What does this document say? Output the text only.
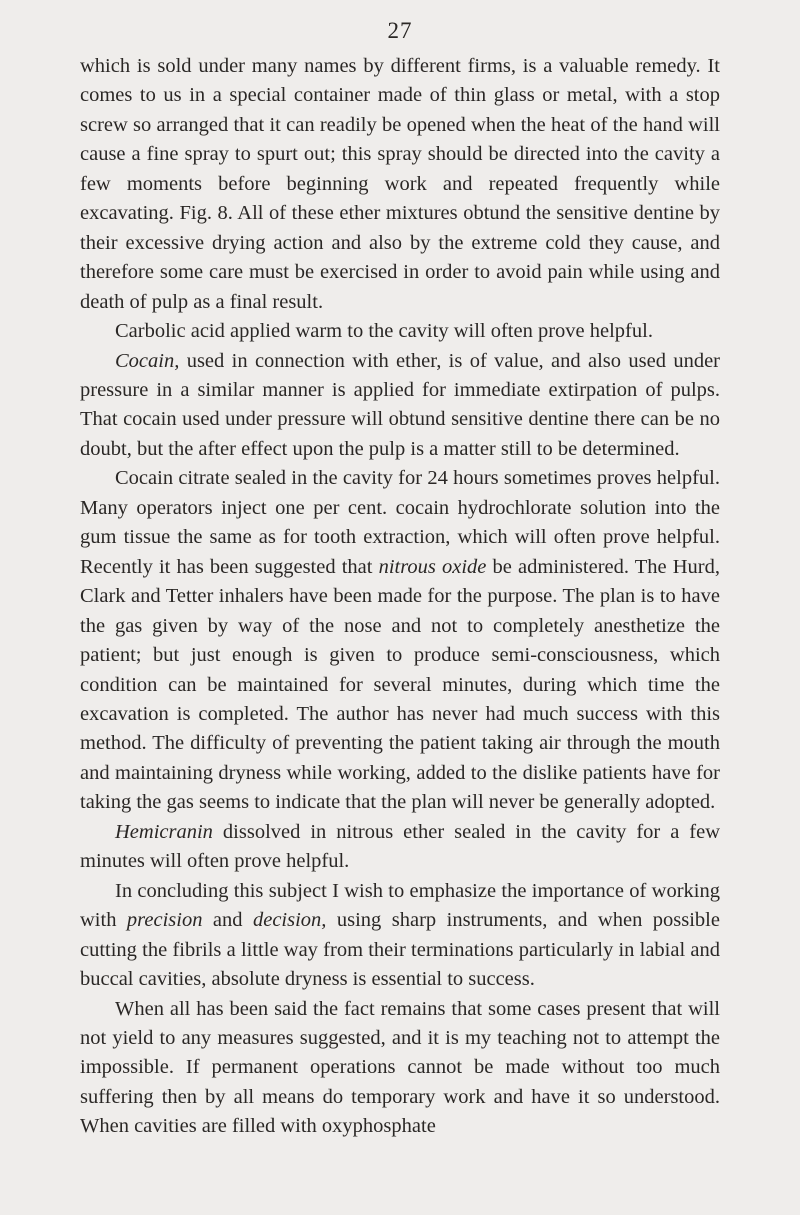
27

which is sold under many names by different firms, is a valuable remedy. It comes to us in a special container made of thin glass or metal, with a stop screw so arranged that it can readily be opened when the heat of the hand will cause a fine spray to spurt out; this spray should be directed into the cavity a few moments before beginning work and repeated frequently while excavating. Fig. 8. All of these ether mixtures obtund the sensitive dentine by their excessive drying action and also by the extreme cold they cause, and therefore some care must be exercised in order to avoid pain while using and death of pulp as a final result.

Carbolic acid applied warm to the cavity will often prove helpful.

Cocain, used in connection with ether, is of value, and also used under pressure in a similar manner is applied for immediate extirpation of pulps. That cocain used under pressure will obtund sensitive dentine there can be no doubt, but the after effect upon the pulp is a matter still to be determined.

Cocain citrate sealed in the cavity for 24 hours sometimes proves helpful. Many operators inject one per cent. cocain hydrochlorate solution into the gum tissue the same as for tooth extraction, which will often prove helpful. Recently it has been suggested that nitrous oxide be administered. The Hurd, Clark and Tetter inhalers have been made for the purpose. The plan is to have the gas given by way of the nose and not to completely anesthetize the patient; but just enough is given to produce semi-consciousness, which condition can be maintained for several minutes, during which time the excavation is completed. The author has never had much success with this method. The difficulty of preventing the patient taking air through the mouth and maintaining dryness while working, added to the dislike patients have for taking the gas seems to indicate that the plan will never be generally adopted.

Hemicranin dissolved in nitrous ether sealed in the cavity for a few minutes will often prove helpful.

In concluding this subject I wish to emphasize the importance of working with precision and decision, using sharp instruments, and when possible cutting the fibrils a little way from their terminations particularly in labial and buccal cavities, absolute dryness is essential to success.

When all has been said the fact remains that some cases present that will not yield to any measures suggested, and it is my teaching not to attempt the impossible. If permanent operations cannot be made without too much suffering then by all means do temporary work and have it so understood. When cavities are filled with oxyphosphate
